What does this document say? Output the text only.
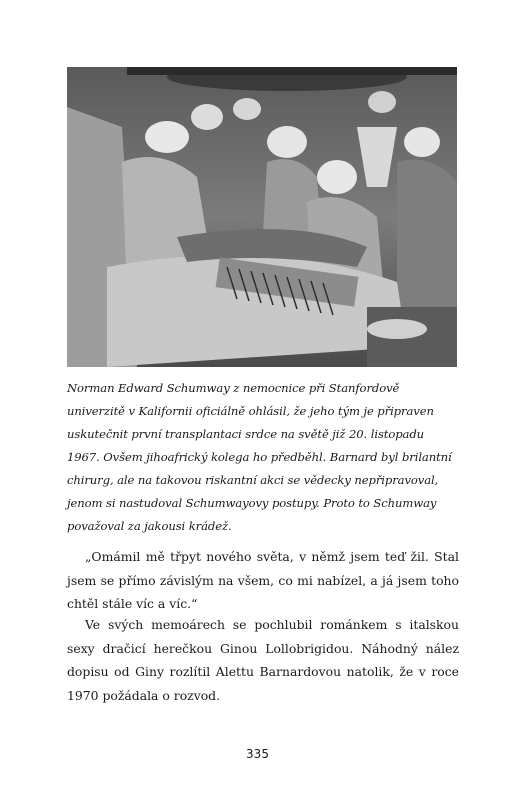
Norman Edward Schumway z nemocnice při Stanfordově univerzitě v Kalifornii oficiálně ohlásil, že jeho tým je připraven uskutečnit první transplantaci srdce na světě již 20. listopadu 1967. Ovšem jihoafrický kolega ho předběhl. Barnard byl brilantní chirurg, ale na takovou riskantní akci se vědecky nepřipravoval, jenom si nastudoval Schumwayovy postupy. Proto to Schumway považoval za jakousi krádež.

„Omámil mě třpyt nového světa, v němž jsem teď žil. Stal jsem se přímo závislým na všem, co mi nabízel, a já jsem toho chtěl stále víc a víc.“

Ve svých memoárech se pochlubil románkem s italskou sexy dračicí herečkou Ginou Lollobrigidou. Náhodný nález dopisu od Giny rozlítil Alettu Barnardovou natolik, že v roce 1970 požádala o rozvod.

335
